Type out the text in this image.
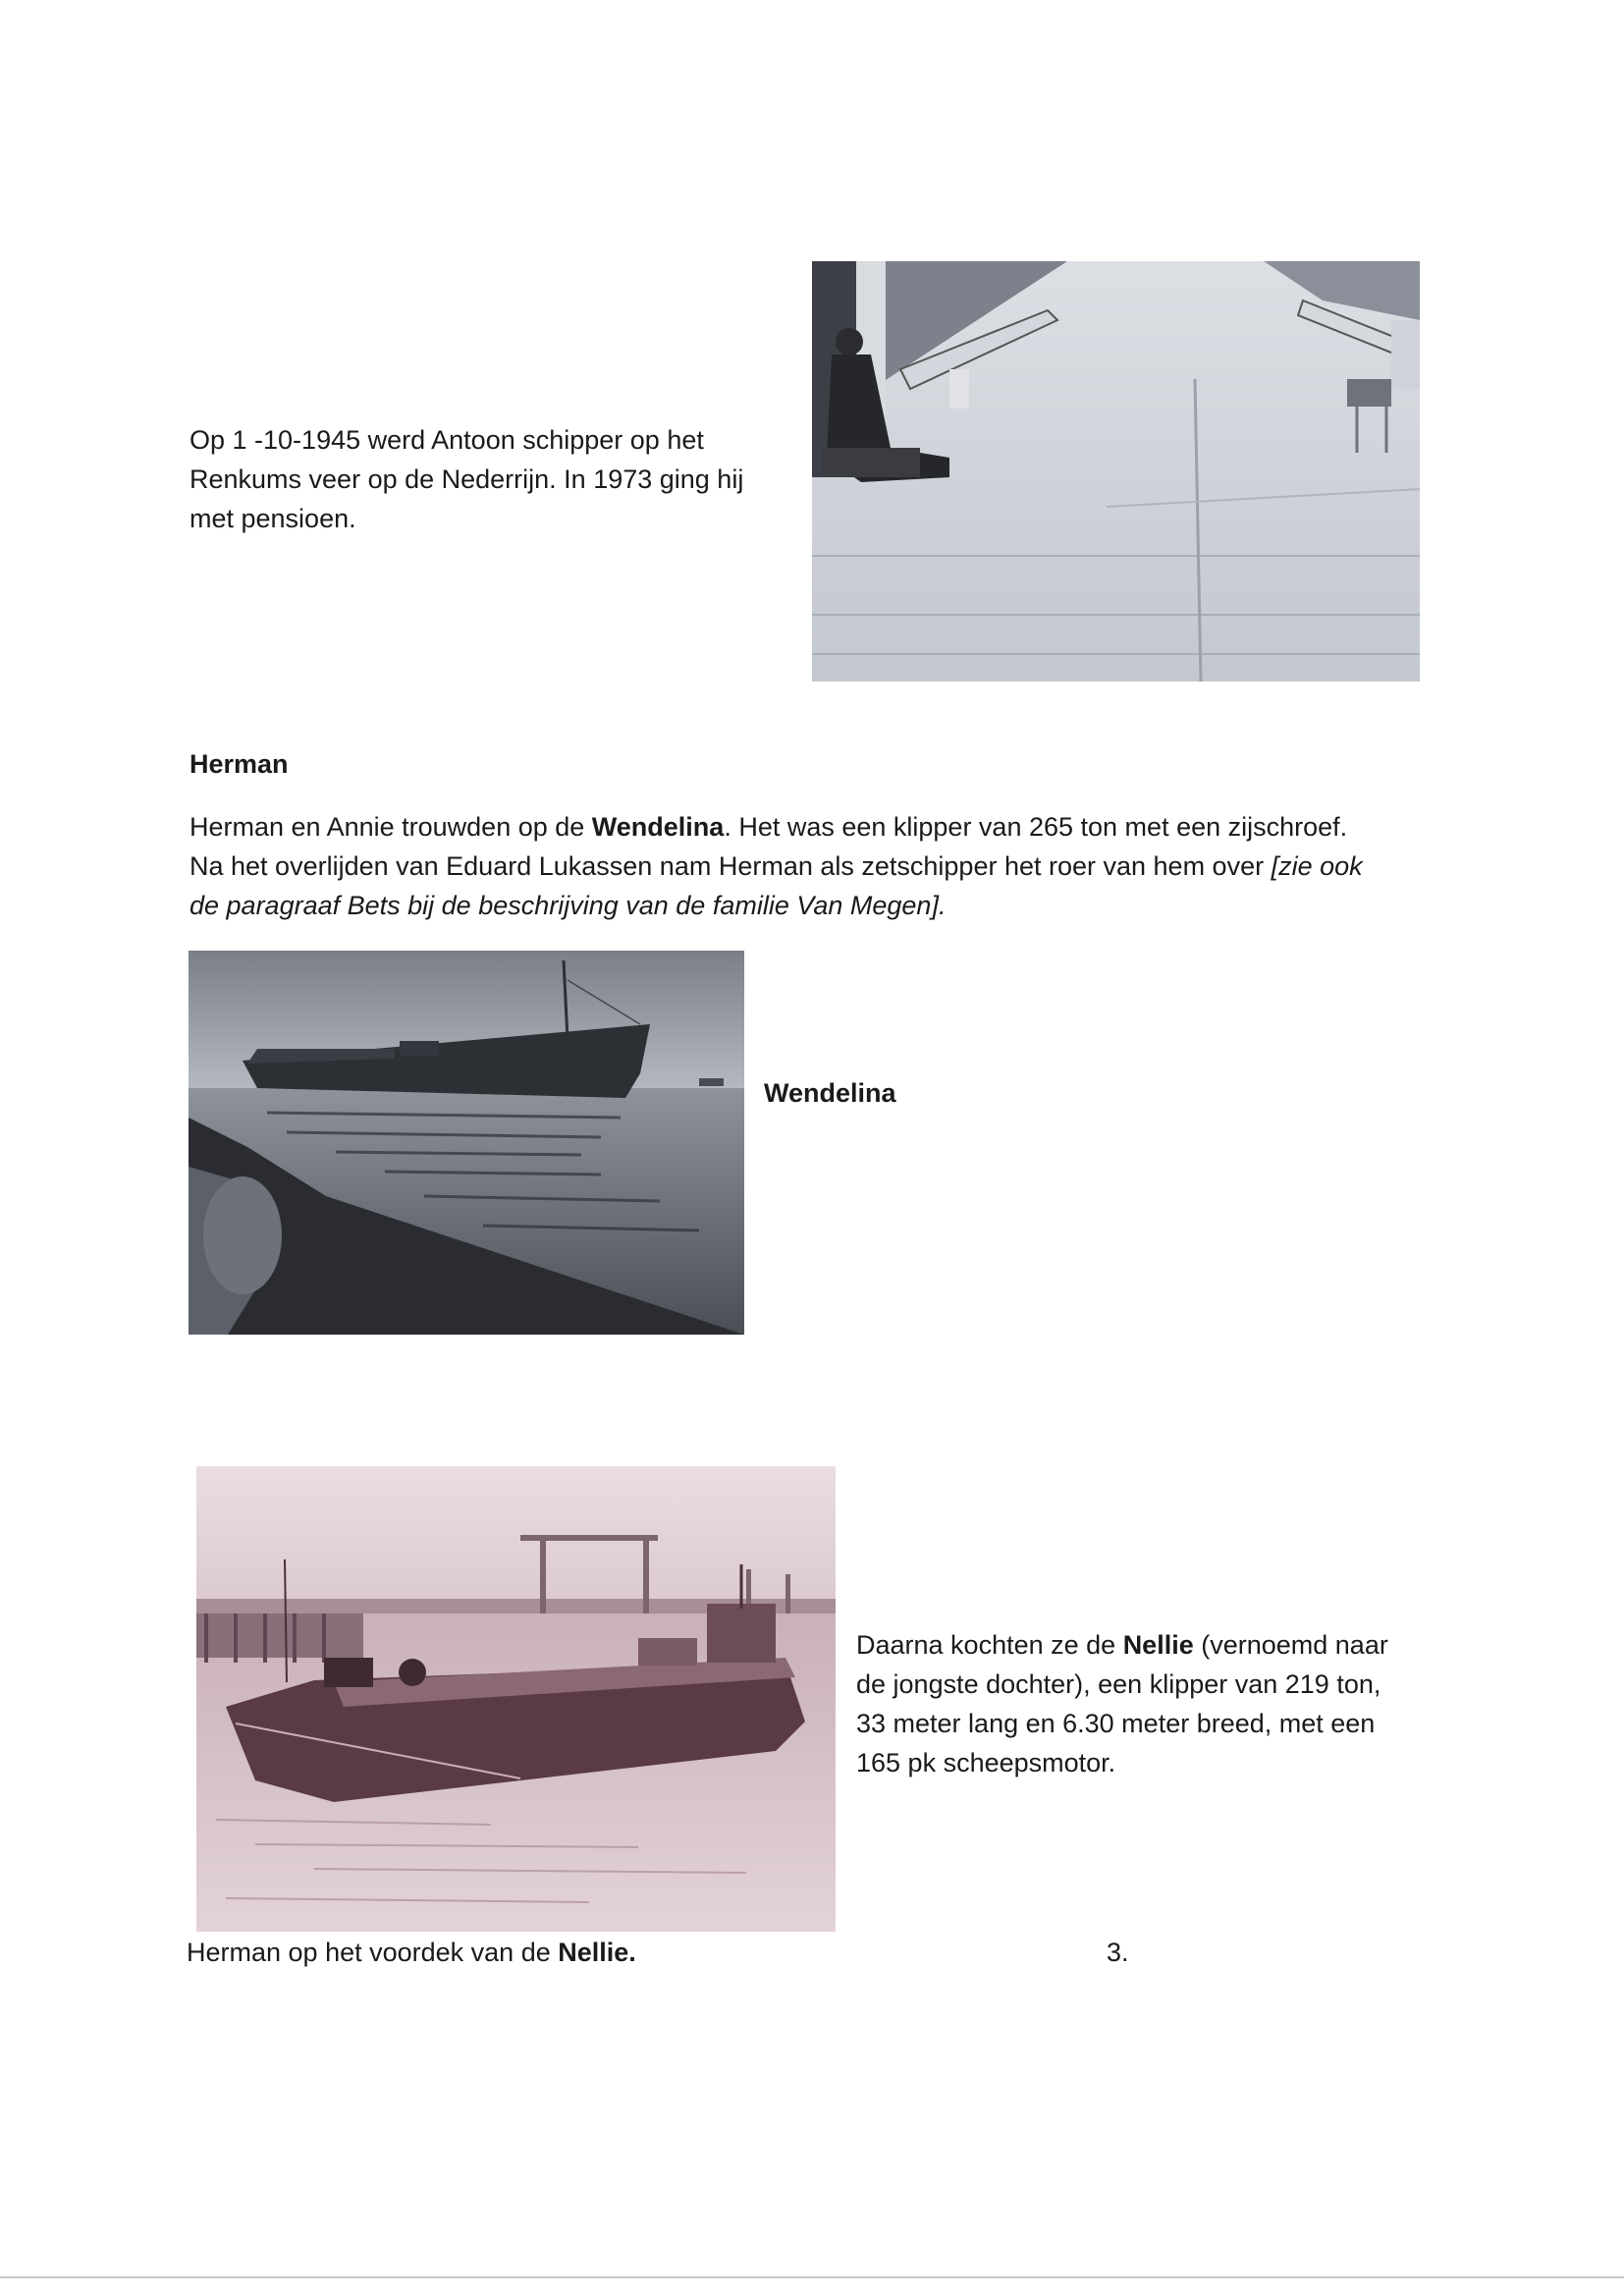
Op 1 -10-1945 werd Antoon schipper op het
Renkums veer op de Nederrijn. In 1973 ging hij
met pensioen.
Herman
Herman en Annie trouwden op de Wendelina. Het was een klipper van 265 ton met een zijschroef.
Na het overlijden van Eduard Lukassen nam Herman als zetschipper het roer van hem over [zie ook
de paragraaf Bets bij de beschrijving van de familie Van Megen].
Wendelina
Daarna kochten ze de Nellie (vernoemd naar
de jongste dochter), een klipper van 219 ton,
33 meter lang en 6.30 meter breed, met een
165 pk scheepsmotor.
Herman op het voordek van de Nellie.	3.
